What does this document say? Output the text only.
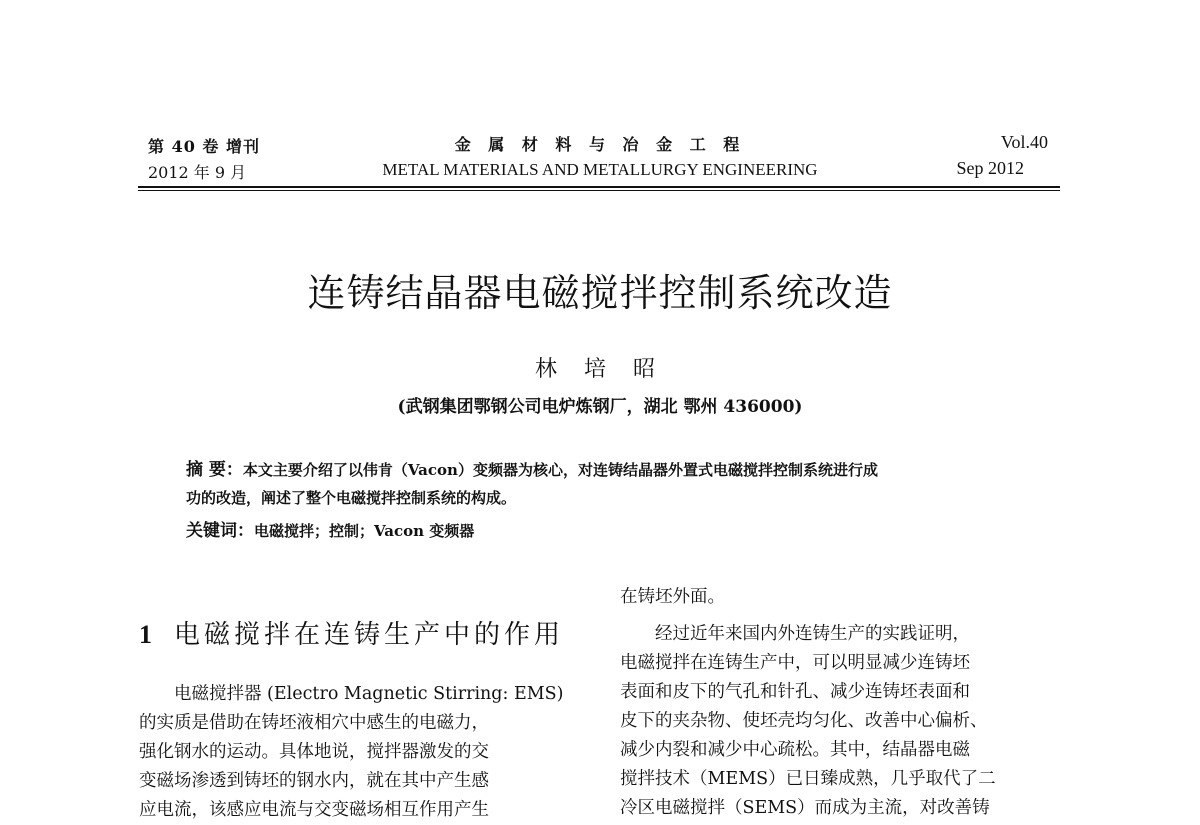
第 40 卷 增刊
2012 年 9 月
金 属 材 料 与 冶 金 工 程
METAL MATERIALS AND METALLURGY ENGINEERING
Vol.40
Sep 2012
连铸结晶器电磁搅拌控制系统改造
林 培 昭
(武钢集团鄂钢公司电炉炼钢厂，湖北 鄂州 436000)
摘 要：本文主要介绍了以伟肯（Vacon）变频器为核心，对连铸结晶器外置式电磁搅拌控制系统进行成
功的改造，阐述了整个电磁搅拌控制系统的构成。
关键词：电磁搅拌；控制；Vacon 变频器
1 电磁搅拌在连铸生产中的作用

电磁搅拌器 (Electro Magnetic Stirring: EMS)

的实质是借助在铸坯液相穴中感生的电磁力，

强化钢水的运动。具体地说，搅拌器激发的交

变磁场渗透到铸坯的钢水内，就在其中产生感

应电流，该感应电流与交变磁场相互作用产生

在铸坯外面。

经过近年来国内外连铸生产的实践证明，

电磁搅拌在连铸生产中，可以明显减少连铸坯

表面和皮下的气孔和针孔、减少连铸坯表面和

皮下的夹杂物、使坯壳均匀化、改善中心偏析、

减少内裂和减少中心疏松。其中，结晶器电磁

搅拌技术（MEMS）已日臻成熟，几乎取代了二

冷区电磁搅拌（SEMS）而成为主流，对改善铸
